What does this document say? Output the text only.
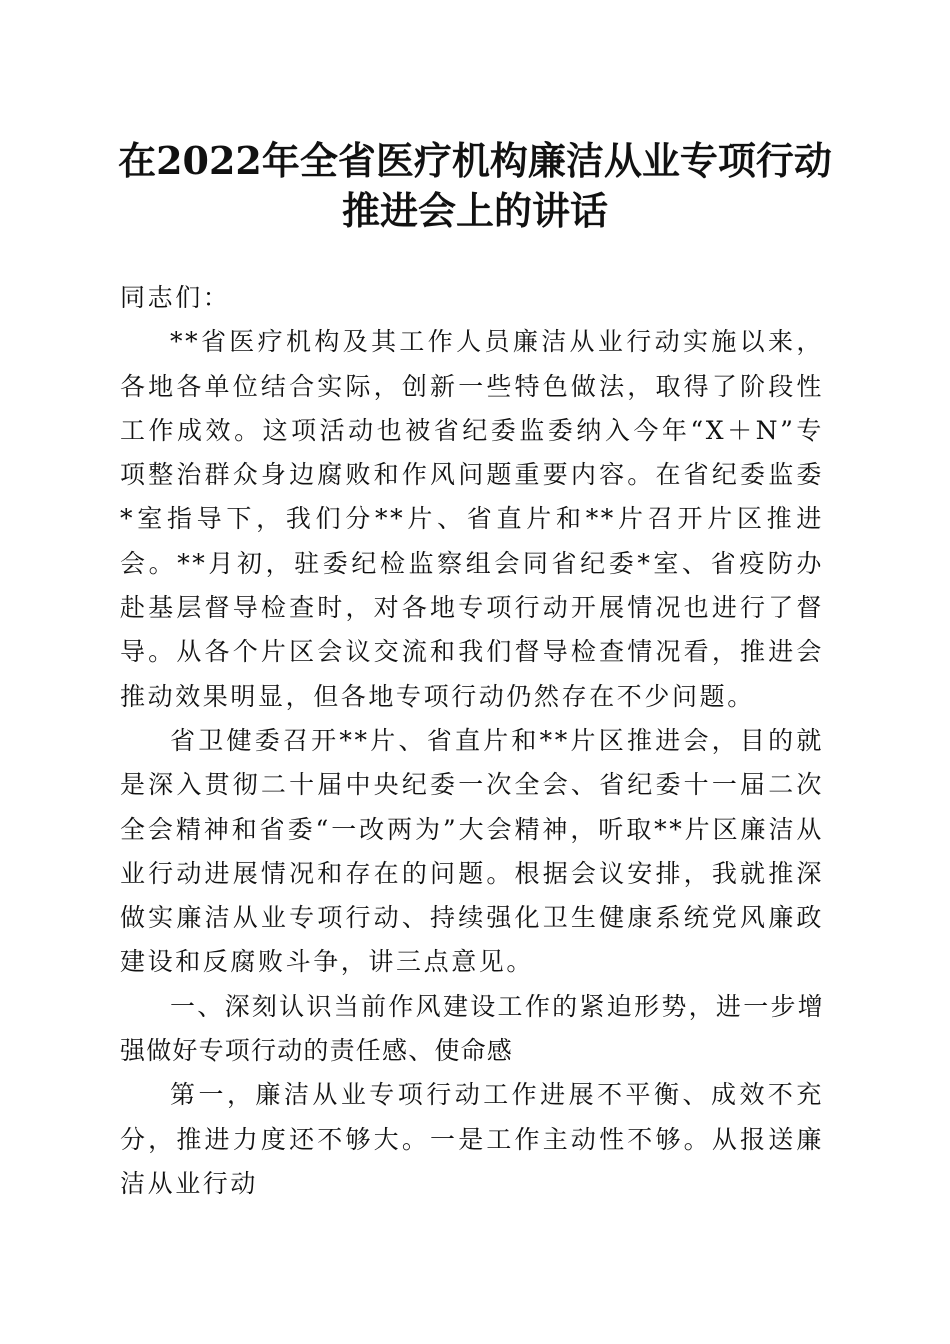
在2022年全省医疗机构廉洁从业专项行动推进会上的讲话

同志们：

**省医疗机构及其工作人员廉洁从业行动实施以来，各地各单位结合实际，创新一些特色做法，取得了阶段性工作成效。这项活动也被省纪委监委纳入今年“X＋N”专项整治群众身边腐败和作风问题重要内容。在省纪委监委*室指导下，我们分**片、省直片和**片召开片区推进会。**月初，驻委纪检监察组会同省纪委*室、省疫防办赴基层督导检查时，对各地专项行动开展情况也进行了督导。从各个片区会议交流和我们督导检查情况看，推进会推动效果明显，但各地专项行动仍然存在不少问题。

省卫健委召开**片、省直片和**片区推进会，目的就是深入贯彻二十届中央纪委一次全会、省纪委十一届二次全会精神和省委“一改两为”大会精神，听取**片区廉洁从业行动进展情况和存在的问题。根据会议安排，我就推深做实廉洁从业专项行动、持续强化卫生健康系统党风廉政建设和反腐败斗争，讲三点意见。

一、深刻认识当前作风建设工作的紧迫形势，进一步增强做好专项行动的责任感、使命感

第一，廉洁从业专项行动工作进展不平衡、成效不充分，推进力度还不够大。一是工作主动性不够。从报送廉洁从业行动
